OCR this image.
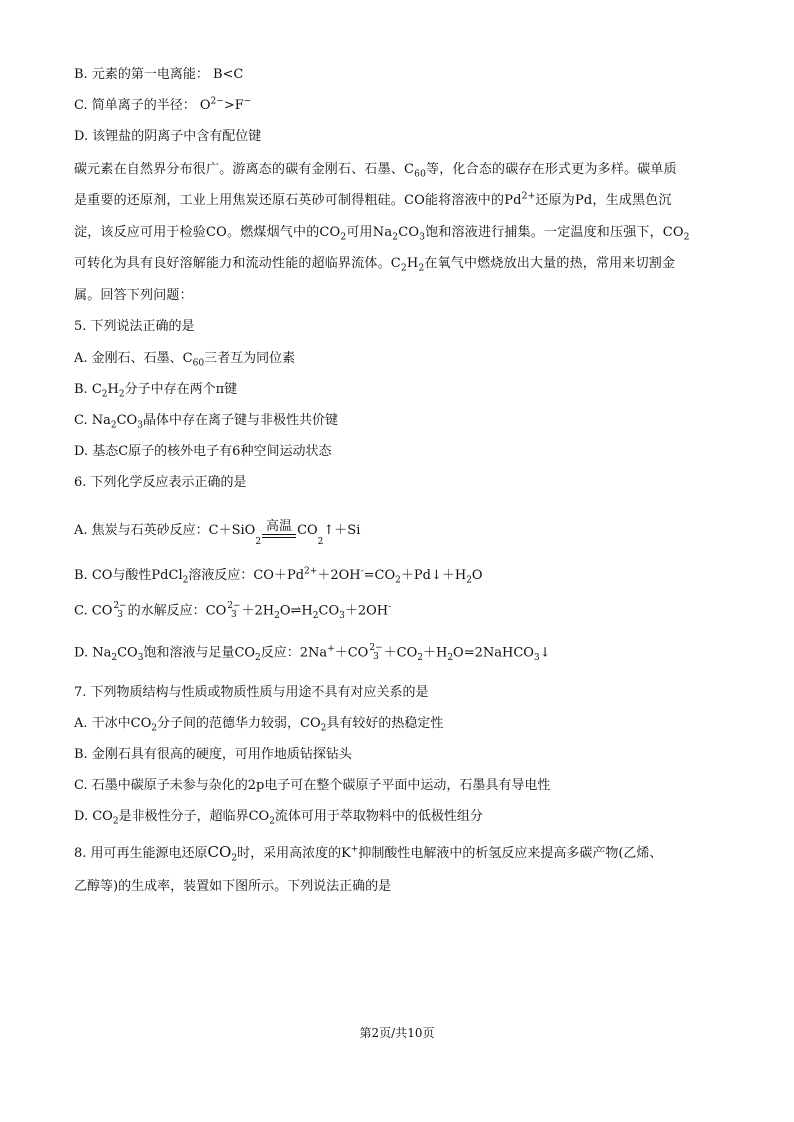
B. 元素的第一电离能： B<C
C. 简单离子的半径： $O^{2-}>F^-$
D. 该锂盐的阴离子中含有配位键
碳元素在自然界分布很广。游离态的碳有金刚石、石墨、$C_{60}$等，化合态的碳存在形式更为多样。碳单质
是重要的还原剂，工业上用焦炭还原石英砂可制得粗硅。CO能将溶液中的$Pd^{2+}$还原为Pd，生成黑色沉
淀，该反应可用于检验CO。燃煤烟气中的$CO_2$可用$Na_2CO_3$饱和溶液进行捕集。一定温度和压强下，$CO_2$
可转化为具有良好溶解能力和流动性能的超临界流体。$C_2H_2$在氧气中燃烧放出大量的热，常用来切割金
属。回答下列问题：
5. 下列说法正确的是
A. 金刚石、石墨、$C_{60}$三者互为同位素
B. $C_2H_2$分子中存在两个π键
C. $Na_2CO_3$晶体中存在离子键与非极性共价键
D. 基态C原子的核外电子有6种空间运动状态
6. 下列化学反应表示正确的是
A. 焦炭与石英砂反应：C＋SiO
2
高温 CO
2
↑＋Si
B. CO与酸性PdCl$_2$溶液反应：$CO+Pd^{2+}+2OH^-=CO_2+Pd↓+H_2O$
C. CO 2−
3 的水解反应：CO 2−
$3 +2H_2O\rightleftharpoons H_2CO_3+2OH^-$
D. $Na_2CO_3$饱和溶液与足量$CO_2$反应：2Na+＋CO 2−
$3 +CO_2+H_2O=2NaHCO_3↓$
7. 下列物质结构与性质或物质性质与用途不具有对应关系的是
A. 干冰中$CO_2$分子间的范德华力较弱，$CO_2$具有较好的热稳定性
B. 金刚石具有很高的硬度，可用作地质钻探钻头
C. 石墨中碳原子未参与杂化的2p电子可在整个碳原子平面中运动，石墨具有导电性
D. $CO_2$是非极性分子，超临界$CO_2$流体可用于萃取物料中的低极性组分
8. 用可再生能源电还原$CO_2$时，采用高浓度的K+抑制酸性电解液中的析氢反应来提高多碳产物(乙烯、
乙醇等)的生成率，装置如下图所示。下列说法正确的是
第2页/共10页
